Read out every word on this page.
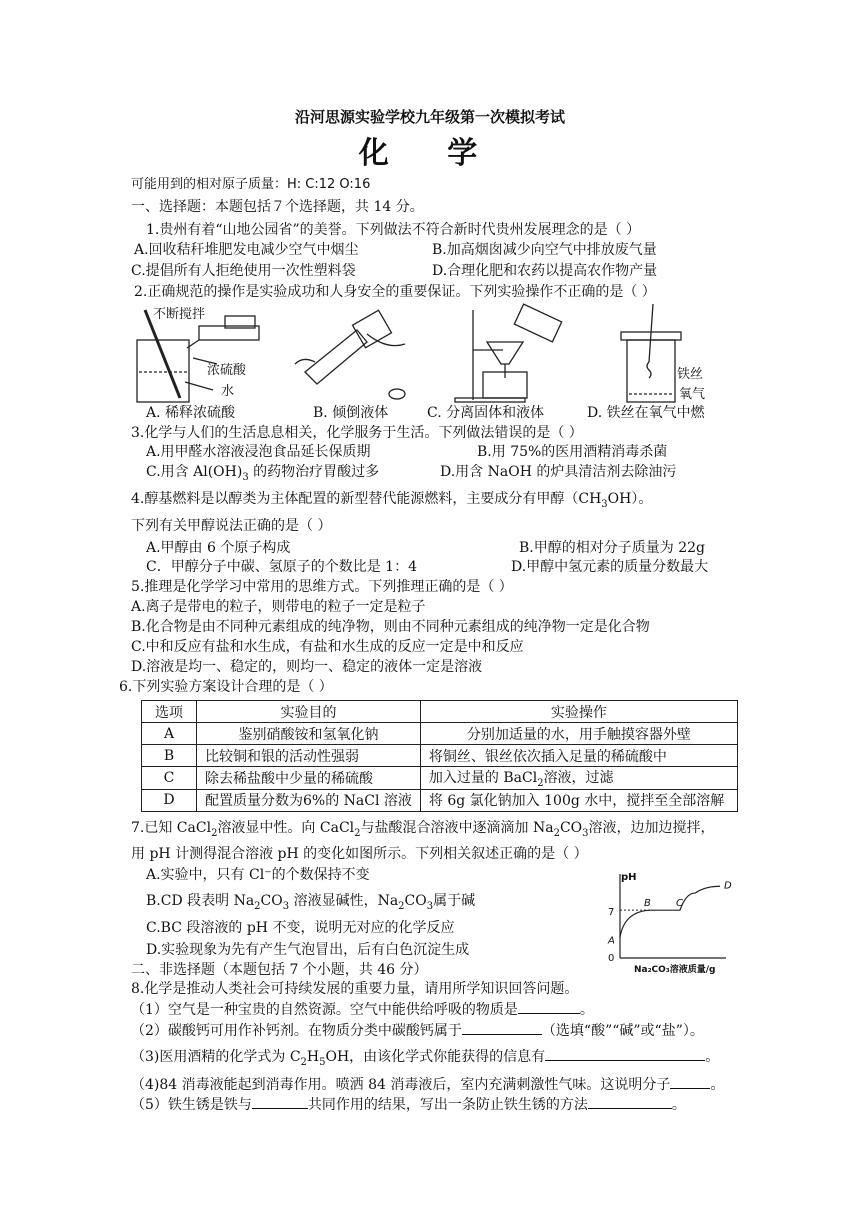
沿河思源实验学校九年级第一次模拟考试
化 学
可能用到的相对原子质量：H: C:12 O:16
一、选择题：本题包括７个选择题，共 14 分。
1.贵州有着“山地公园省”的美誉。下列做法不符合新时代贵州发展理念的是（ ）
A.回收秸秆堆肥发电减少空气中烟尘	B.加高烟囱减少向空气中排放废气量
C.提倡所有人拒绝使用一次性塑料袋	D.合理化肥和农药以提高农作物产量
2.正确规范的操作是实验成功和人身安全的重要保证。下列实验操作不正确的是（ ）
不断搅拌
浓硫酸
水
铁丝
氧气
A. 稀释浓硫酸	B. 倾倒液体	C. 分离固体和液体	D. 铁丝在氧气中燃
3.化学与人们的生活息息相关，化学服务于生活。下列做法错误的是（ ）
A.用甲醛水溶液浸泡食品延长保质期	B.用 75%的医用酒精消毒杀菌
C.用含 $Al(OH)_3$ 的药物治疗胃酸过多	D.用含 NaOH 的炉具清洁剂去除油污
4.醇基燃料是以醇类为主体配置的新型替代能源燃料，主要成分有甲醇$(CH_3OH)$。
下列有关甲醇说法正确的是（ ）
A.甲醇由 6 个原子构成	B.甲醇的相对分子质量为 22g
C．甲醇分子中碳、氢原子的个数比是 1：4	D.甲醇中氢元素的质量分数最大
5.推理是化学学习中常用的思维方式。下列推理正确的是（ ）
A.离子是带电的粒子，则带电的粒子一定是粒子
B.化合物是由不同种元素组成的纯净物，则由不同种元素组成的纯净物一定是化合物
C.中和反应有盐和水生成，有盐和水生成的反应一定是中和反应
D.溶液是均一、稳定的，则均一、稳定的液体一定是溶液
6.下列实验方案设计合理的是（ ）
选项	实验目的	实验操作
A	鉴别硝酸铵和氢氧化钠	分别加适量的水，用手触摸容器外壁
B	比较铜和银的活动性强弱	将铜丝、银丝依次插入足量的稀硫酸中
C	除去稀盐酸中少量的稀硫酸	加入过量的 BaCl$_2$溶液，过滤
D	配置质量分数为6%的 NaCl 溶液	将 6g 氯化钠加入 100g 水中，搅拌至全部溶解
7.已知 CaCl$_2$溶液显中性。向 CaCl$_2$与盐酸混合溶液中逐滴滴加 $Na_2CO_3$溶液，边加边搅拌，
用 pH 计测得混合溶液 pH 的变化如图所示。下列相关叙述正确的是（ ）
A.实验中，只有 Cl⁻的个数保持不变
B.CD 段表明 $Na_2CO_3$ 溶液显碱性，$Na_2CO_3$属于碱
C.BC 段溶液的 pH 不变，说明无对应的化学反应
D.实验现象为先有产生气泡冒出，后有白色沉淀生成
pH
Na₂CO₃溶液质量/g
7
0
A
B	C
D
二、非选择题（本题包括 7 个小题，共 46 分）
8.化学是推动人类社会可持续发展的重要力量，请用所学知识回答问题。
（1）空气是一种宝贵的自然资源。空气中能供给呼吸的物质是	。
（2）碳酸钙可用作补钙剂。在物质分类中碳酸钙属于	（选填“酸”“碱”或“盐”）。
（3)医用酒精的化学式为 $C_2H_5OH$，由该化学式你能获得的信息有	。
（4)84 消毒液能起到消毒作用。喷洒 84 消毒液后，室内充满刺激性气味。这说明分子	。
（5）铁生锈是铁与	共同作用的结果，写出一条防止铁生锈的方法	。
